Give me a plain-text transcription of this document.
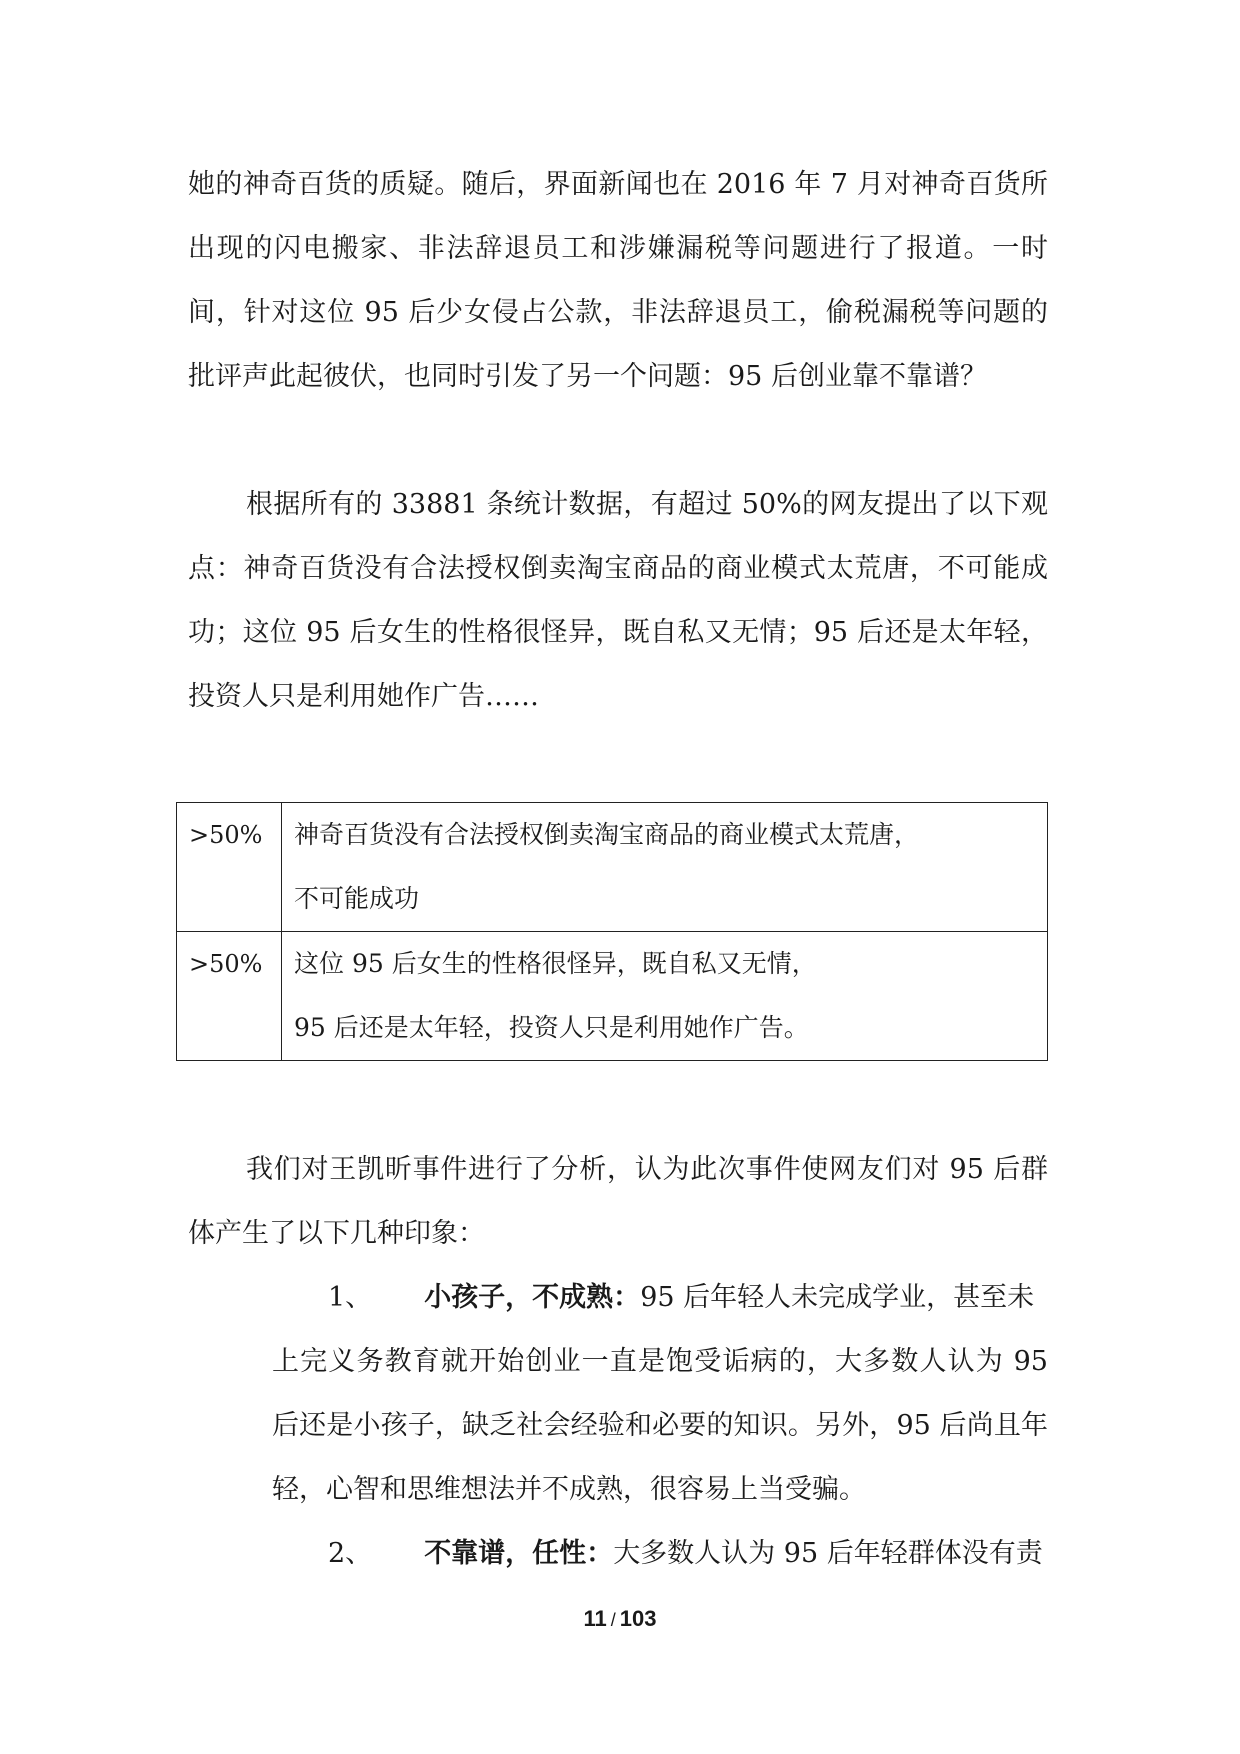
她的神奇百货的质疑。随后，界面新闻也在 2016 年 7 月对神奇百货所出现的闪电搬家、非法辞退员工和涉嫌漏税等问题进行了报道。一时间，针对这位 95 后少女侵占公款，非法辞退员工，偷税漏税等问题的批评声此起彼伏，也同时引发了另一个问题：95 后创业靠不靠谱？

根据所有的 33881 条统计数据，有超过 50%的网友提出了以下观点：神奇百货没有合法授权倒卖淘宝商品的商业模式太荒唐，不可能成功；这位 95 后女生的性格很怪异，既自私又无情；95 后还是太年轻，投资人只是利用她作广告……

>50%	神奇百货没有合法授权倒卖淘宝商品的商业模式太荒唐，
不可能成功

>50%	这位 95 后女生的性格很怪异，既自私又无情，
95 后还是太年轻，投资人只是利用她作广告。

我们对王凯昕事件进行了分析，认为此次事件使网友们对 95 后群体产生了以下几种印象：

1、 小孩子，不成熟：95 后年轻人未完成学业，甚至未
上完义务教育就开始创业一直是饱受诟病的，大多数人认为 95 后还是小孩子，缺乏社会经验和必要的知识。另外，95 后尚且年轻，心智和思维想法并不成熟，很容易上当受骗。
2、 不靠谱，任性：大多数人认为 95 后年轻群体没有责
11 / 103
